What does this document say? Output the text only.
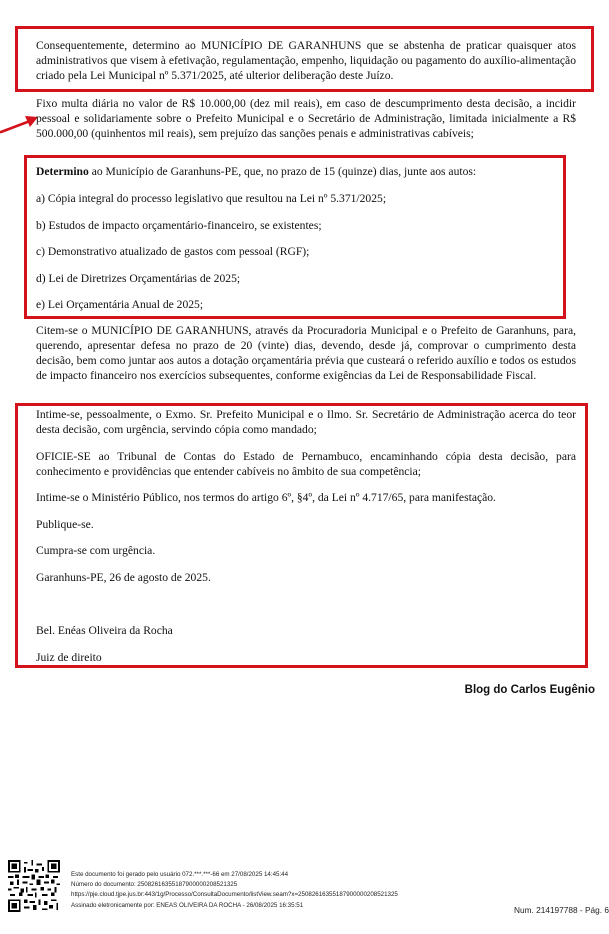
Consequentemente, determino ao MUNICÍPIO DE GARANHUNS que se abstenha de praticar quaisquer atos administrativos que visem à efetivação, regulamentação, empenho, liquidação ou pagamento do auxílio-alimentação criado pela Lei Municipal nº 5.371/2025, até ulterior deliberação deste Juízo.

Fixo multa diária no valor de R$ 10.000,00 (dez mil reais), em caso de descumprimento desta decisão, a incidir pessoal e solidariamente sobre o Prefeito Municipal e o Secretário de Administração, limitada inicialmente a R$ 500.000,00 (quinhentos mil reais), sem prejuízo das sanções penais e administrativas cabíveis;

Determino ao Município de Garanhuns-PE, que, no prazo de 15 (quinze) dias, junte aos autos:

a) Cópia integral do processo legislativo que resultou na Lei nº 5.371/2025;

b) Estudos de impacto orçamentário-financeiro, se existentes;

c) Demonstrativo atualizado de gastos com pessoal (RGF);

d) Lei de Diretrizes Orçamentárias de 2025;

e) Lei Orçamentária Anual de 2025;

Citem-se o MUNICÍPIO DE GARANHUNS, através da Procuradoria Municipal e o Prefeito de Garanhuns, para, querendo, apresentar defesa no prazo de 20 (vinte) dias, devendo, desde já, comprovar o cumprimento desta decisão, bem como juntar aos autos a dotação orçamentária prévia que custeará o referido auxílio e todos os estudos de impacto financeiro nos exercícios subsequentes, conforme exigências da Lei de Responsabilidade Fiscal.

Intime-se, pessoalmente, o Exmo. Sr. Prefeito Municipal e o Ilmo. Sr. Secretário de Administração acerca do teor desta decisão, com urgência, servindo cópia como mandado;

OFICIE-SE ao Tribunal de Contas do Estado de Pernambuco, encaminhando cópia desta decisão, para conhecimento e providências que entender cabíveis no âmbito de sua competência;

Intime-se o Ministério Público, nos termos do artigo 6º, §4º, da Lei nº 4.717/65, para manifestação.

Publique-se.

Cumpra-se com urgência.

Garanhuns-PE, 26 de agosto de 2025.

Bel. Enéas Oliveira da Rocha

Juiz de direito

Blog do Carlos Eugênio
Este documento foi gerado pelo usuário 072.***.***-66 em 27/08/2025 14:45:44
Número do documento: 25082616355187900000208521325
https://pje.cloud.tjpe.jus.br:443/1g/Processo/ConsultaDocumento/listView.seam?x=25082616355187900000208521325
Assinado eletronicamente por: ENEAS OLIVEIRA DA ROCHA - 26/08/2025 16:35:51	Num. 214197788 - Pág. 6
